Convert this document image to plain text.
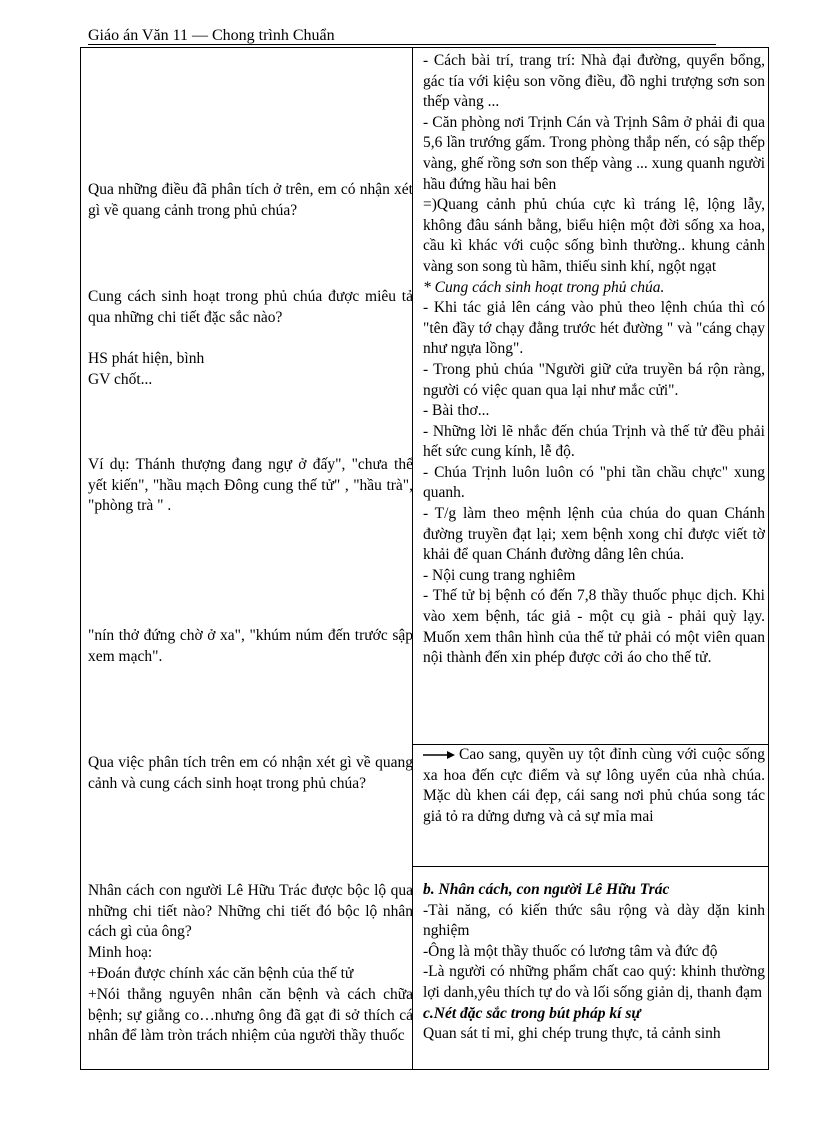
Giáo án Văn 11 — Chong trình Chuẩn

Qua những điều đã phân tích ở trên, em có nhận xét gì về quang cảnh trong phủ chúa?

Cung cách sinh hoạt trong phủ chúa được miêu tả qua những chi tiết đặc sắc nào?

HS phát hiện, bình

GV chốt...

Ví dụ: Thánh thượng đang ngự ở đấy", "chưa thể yết kiến", "hầu mạch Đông cung thế tử" , "hầu trà", "phòng trà " .

"nín thở đứng chờ ở xa", "khúm núm đến trước sập xem mạch".

Qua việc phân tích trên em có nhận xét gì về quang cảnh và cung cách sinh hoạt trong phủ chúa?

Nhân cách con người Lê Hữu Trác được bộc lộ qua những chi tiết nào? Những chi tiết đó bộc lộ nhân cách gì của ông?

Minh hoạ:

+Đoán được chính xác căn bệnh của thế tử

+Nói thẳng nguyên nhân căn bệnh và cách chữa bệnh; sự giằng co…nhưng ông đã gạt đi sở thích cá nhân để làm tròn trách nhiệm của người thầy thuốc

- Cách bài trí, trang trí: Nhà đại đường, quyển bổng, gác tía với kiệu son võng điều, đồ nghi trượng sơn son thếp vàng ...

- Căn phòng nơi Trịnh Cán và Trịnh Sâm ở phải đi qua 5,6 lần trướng gấm. Trong phòng thắp nến, có sập thếp vàng, ghế rồng sơn son thếp vàng ... xung quanh người hầu đứng hầu hai bên

=)Quang cảnh phủ chúa cực kì tráng lệ, lộng lẫy, không đâu sánh bằng, biểu hiện một đời sống xa hoa, cầu kì khác với cuộc sống bình thường.. khung cảnh vàng son song tù hãm, thiếu sinh khí, ngột ngạt

* Cung cách sinh hoạt trong phủ chúa.

- Khi tác giả lên cáng vào phủ theo lệnh chúa thì có "tên đầy tớ chạy đằng trước hét đường " và "cáng chạy như ngựa lồng".

- Trong phủ chúa "Người giữ cửa truyền bá rộn ràng, người có việc quan qua lại như mắc cửi".

- Bài thơ...

- Những lời lẽ nhắc đến chúa Trịnh và thế tử đều phải hết sức cung kính, lễ độ.

- Chúa Trịnh luôn luôn có "phi tần chầu chực" xung quanh.

- T/g làm theo mệnh lệnh của chúa do quan Chánh đường truyền đạt lại; xem bệnh xong chỉ được viết tờ khải để quan Chánh đường dâng lên chúa.

- Nội cung trang nghiêm

- Thế tử bị bệnh có đến 7,8 thầy thuốc phục dịch. Khi vào xem bệnh, tác giả - một cụ già - phải quỳ lạy. Muốn xem thân hình của thế tử phải có một viên quan nội thành đến xin phép được cởi áo cho thế tử.

Cao sang, quyền uy tột đỉnh cùng với cuộc sống xa hoa đến cực điểm và sự lông uyển của nhà chúa. Mặc dù khen cái đẹp, cái sang nơi phủ chúa song tác giả tỏ ra dửng dưng và cả sự mỉa mai

b. Nhân cách, con người Lê Hữu Trác

-Tài năng, có kiến thức sâu rộng và dày dặn kinh nghiệm

-Ông là một thầy thuốc có lương tâm và đức độ

-Là người có những phẩm chất cao quý: khinh thường lợi danh,yêu thích tự do và lối sống giản dị, thanh đạm

c.Nét đặc sắc trong bút pháp kí sự

Quan sát tỉ mỉ, ghi chép trung thực, tả cảnh sinh
